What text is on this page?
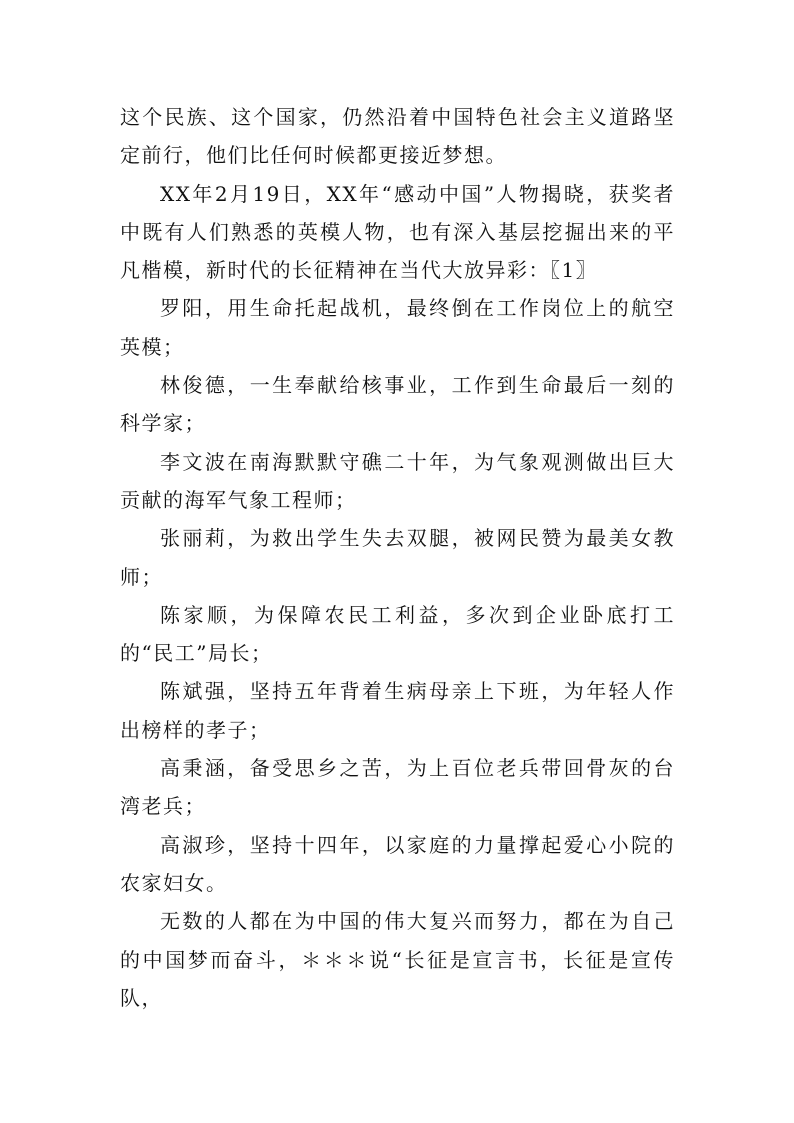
这个民族、这个国家，仍然沿着中国特色社会主义道路坚定前行，他们比任何时候都更接近梦想。

XX年2月19日，XX年“感动中国”人物揭晓，获奖者中既有人们熟悉的英模人物，也有深入基层挖掘出来的平凡楷模，新时代的长征精神在当代大放异彩：〖1〗

罗阳，用生命托起战机，最终倒在工作岗位上的航空英模；

林俊德，一生奉献给核事业，工作到生命最后一刻的科学家；

李文波在南海默默守礁二十年，为气象观测做出巨大贡献的海军气象工程师；

张丽莉，为救出学生失去双腿，被网民赞为最美女教师；

陈家顺，为保障农民工利益，多次到企业卧底打工的“民工”局长；

陈斌强，坚持五年背着生病母亲上下班，为年轻人作出榜样的孝子；

高秉涵，备受思乡之苦，为上百位老兵带回骨灰的台湾老兵；

高淑珍，坚持十四年，以家庭的力量撑起爱心小院的农家妇女。

无数的人都在为中国的伟大复兴而努力，都在为自己的中国梦而奋斗，＊＊＊说“长征是宣言书，长征是宣传队，
